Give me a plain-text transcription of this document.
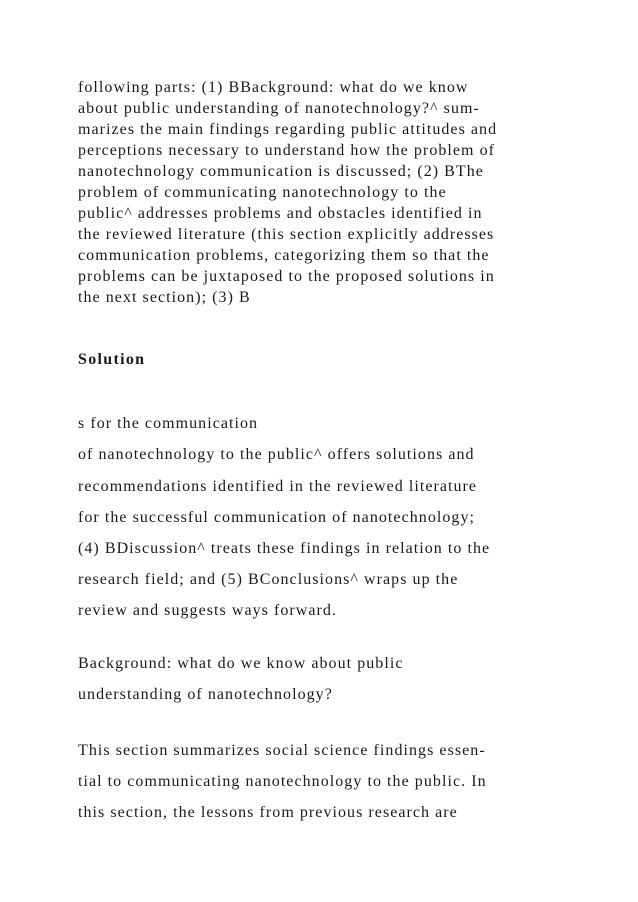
following parts: (1) BBackground: what do we know
about public understanding of nanotechnology?^ sum-
marizes the main findings regarding public attitudes and
perceptions necessary to understand how the problem of
nanotechnology communication is discussed; (2) BThe
problem of communicating nanotechnology to the
public^ addresses problems and obstacles identified in
the reviewed literature (this section explicitly addresses
communication problems, categorizing them so that the
problems can be juxtaposed to the proposed solutions in
the next section); (3) B
Solution
s for the communication
of nanotechnology to the public^ offers solutions and
recommendations identified in the reviewed literature
for the successful communication of nanotechnology;
(4) BDiscussion^ treats these findings in relation to the
research field; and (5) BConclusions^ wraps up the
review and suggests ways forward.
Background: what do we know about public
understanding of nanotechnology?
This section summarizes social science findings essen-
tial to communicating nanotechnology to the public. In
this section, the lessons from previous research are
